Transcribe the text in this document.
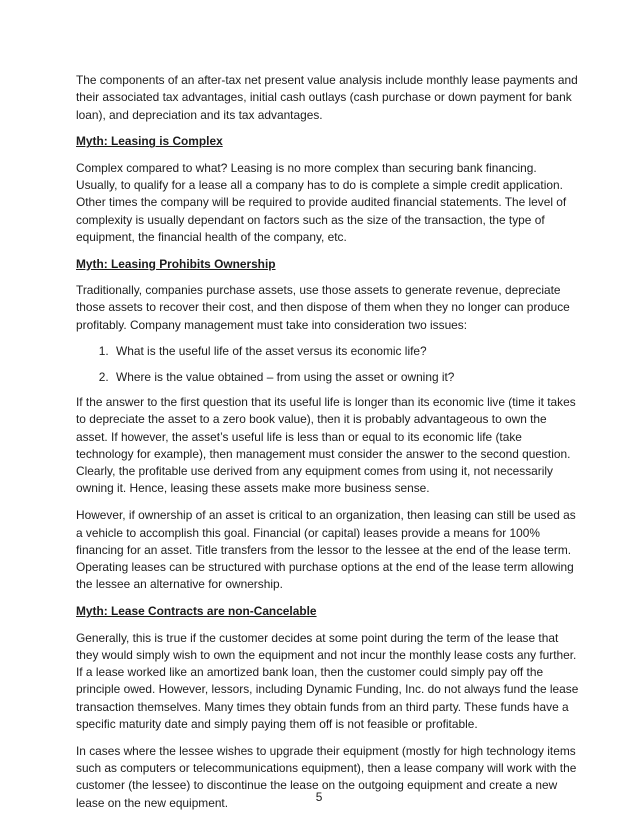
The components of an after-tax net present value analysis include monthly lease payments and their associated tax advantages, initial cash outlays (cash purchase or down payment for bank loan), and depreciation and its tax advantages.

Myth: Leasing is Complex

Complex compared to what? Leasing is no more complex than securing bank financing. Usually, to qualify for a lease all a company has to do is complete a simple credit application. Other times the company will be required to provide audited financial statements. The level of complexity is usually dependant on factors such as the size of the transaction, the type of equipment, the financial health of the company, etc.

Myth: Leasing Prohibits Ownership

Traditionally, companies purchase assets, use those assets to generate revenue, depreciate those assets to recover their cost, and then dispose of them when they no longer can produce profitably. Company management must take into consideration two issues:

1. What is the useful life of the asset versus its economic life?
2. Where is the value obtained – from using the asset or owning it?

If the answer to the first question that its useful life is longer than its economic live (time it takes to depreciate the asset to a zero book value), then it is probably advantageous to own the asset. If however, the asset’s useful life is less than or equal to its economic life (take technology for example), then management must consider the answer to the second question. Clearly, the profitable use derived from any equipment comes from using it, not necessarily owning it. Hence, leasing these assets make more business sense.

However, if ownership of an asset is critical to an organization, then leasing can still be used as a vehicle to accomplish this goal. Financial (or capital) leases provide a means for 100% financing for an asset. Title transfers from the lessor to the lessee at the end of the lease term. Operating leases can be structured with purchase options at the end of the lease term allowing the lessee an alternative for ownership.

Myth: Lease Contracts are non-Cancelable

Generally, this is true if the customer decides at some point during the term of the lease that they would simply wish to own the equipment and not incur the monthly lease costs any further. If a lease worked like an amortized bank loan, then the customer could simply pay off the principle owed. However, lessors, including Dynamic Funding, Inc. do not always fund the lease transaction themselves. Many times they obtain funds from an third party. These funds have a specific maturity date and simply paying them off is not feasible or profitable.

In cases where the lessee wishes to upgrade their equipment (mostly for high technology items such as computers or telecommunications equipment), then a lease company will work with the customer (the lessee) to discontinue the lease on the outgoing equipment and create a new lease on the new equipment.	5
